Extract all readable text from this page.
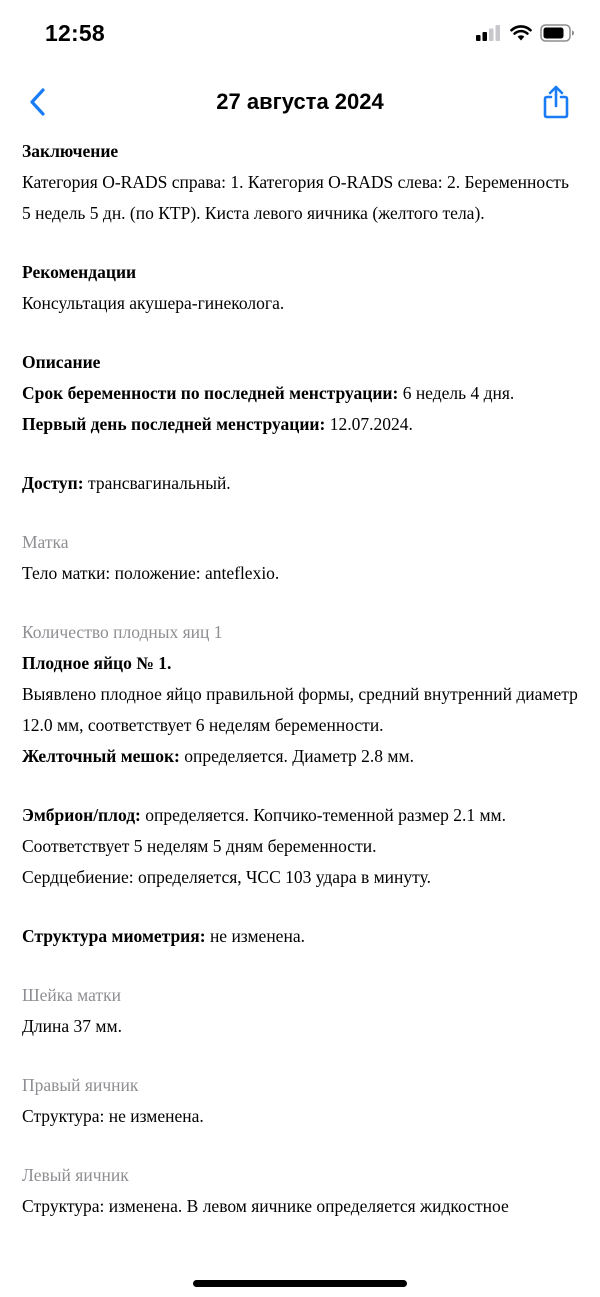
12:58
27 августа 2024

Заключение

Категория O-RADS справа: 1. Категория O-RADS слева: 2. Беременность 5 недель 5 дн. (по КТР). Киста левого яичника (желтого тела).

Рекомендации

Консультация акушера-гинеколога.

Описание

Срок беременности по последней менструации: 6 недель 4 дня.

Первый день последней менструации: 12.07.2024.

Доступ: трансвагинальный.

Матка

Тело матки: положение: anteflexio.

Количество плодных яиц 1

Плодное яйцо № 1.

Выявлено плодное яйцо правильной формы, средний внутренний диаметр 12.0 мм, соответствует 6 неделям беременности.

Желточный мешок: определяется. Диаметр 2.8 мм.

Эмбрион/плод: определяется. Копчико-теменной размер 2.1 мм. Соответствует 5 неделям 5 дням беременности.

Сердцебиение: определяется, ЧСС 103 удара в минуту.

Структура миометрия: не изменена.

Шейка матки

Длина 37 мм.

Правый яичник

Структура: не изменена.

Левый яичник

Структура: изменена. В левом яичнике определяется жидкостное
